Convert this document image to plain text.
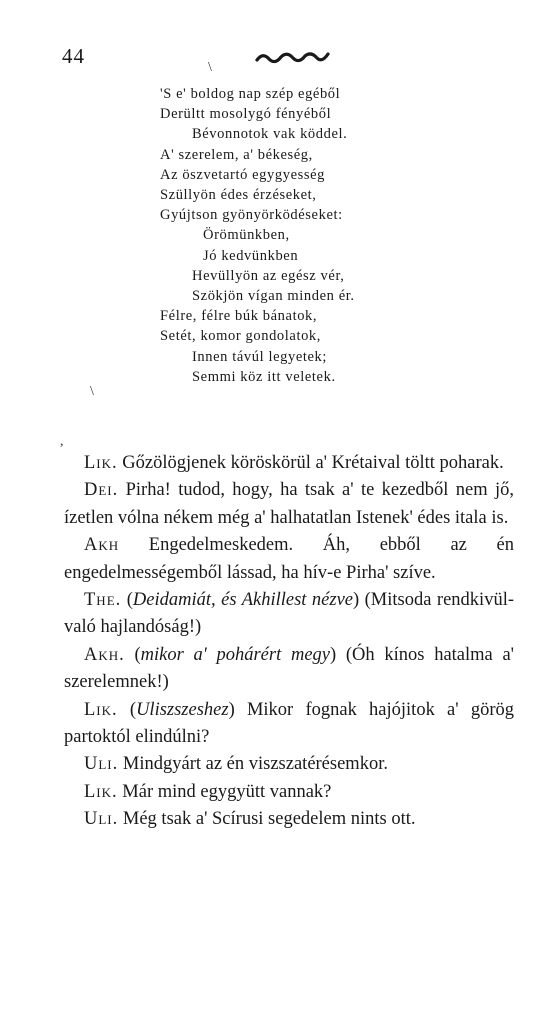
44
'S e' boldog nap szép egéből
Derültt mosolygó fényéből
Bévonnotok vak köddel.
A' szerelem, a' békeség,
Az öszvetartó egygyesség
Szüllyön édes érzéseket,
Gyújtson gyönyörködéseket:
Örömünkben,
Jó kedvünkben
Hevüllyön az egész vér,
Szökjön vígan minden ér.
Félre, félre búk bánatok,
Setét, komor gondolatok,
Innen távúl legyetek;
Semmi köz itt veletek.
\
\
,

Lik. Gőzölögjenek köröskörül a' Krétaival töltt poharak.

Dei. Pirha! tudod, hogy, ha tsak a' te kezedből nem jő, ízetlen vólna nékem még a' halhatatlan Istenek' édes itala is.

Akh Engedelmeskedem. Áh, ebből az én engedelmességemből lássad, ha hív-e Pirha' szíve.

The. (Deidamiát, és Akhillest nézve) (Mitsoda rendkivül-való hajlandóság!)

Akh. (mikor a' pohárért megy) (Óh kínos hatalma a' szerelemnek!)

Lik. (Uliszszeshez) Mikor fognak hajójitok a' görög partoktól elindúlni?

Uli. Mindgyárt az én viszszatérésemkor.

Lik. Már mind egygyütt vannak?

Uli. Még tsak a' Scírusi segedelem nints ott.
